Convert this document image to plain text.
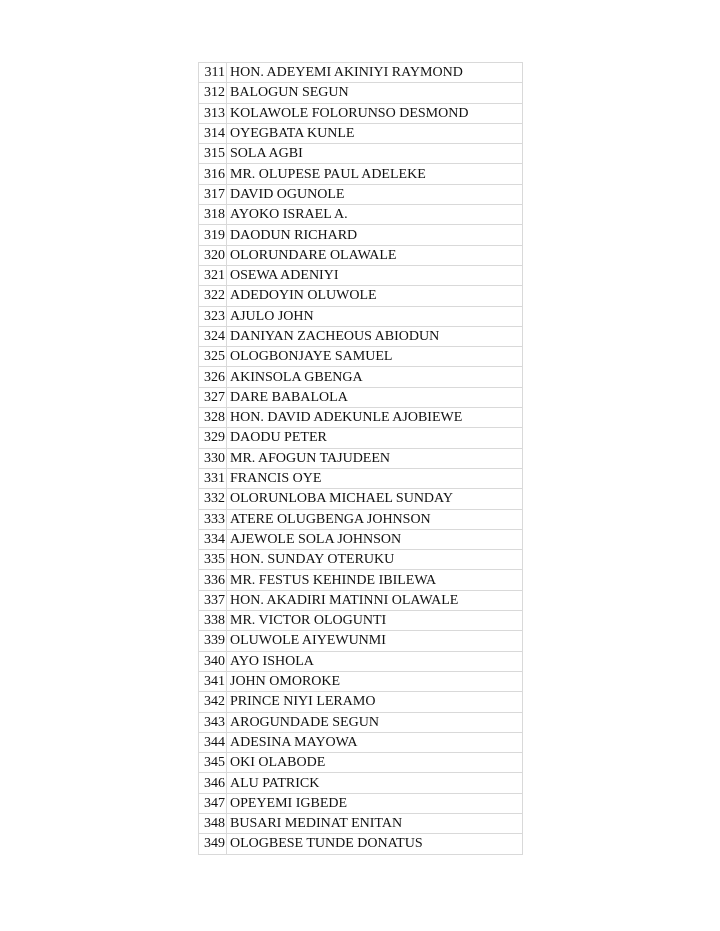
311	HON. ADEYEMI AKINIYI RAYMOND
312	BALOGUN SEGUN
313	KOLAWOLE FOLORUNSO DESMOND
314	OYEGBATA KUNLE
315	SOLA AGBI
316	MR. OLUPESE PAUL ADELEKE
317	DAVID OGUNOLE
318	AYOKO ISRAEL A.
319	DAODUN RICHARD
320	OLORUNDARE OLAWALE
321	OSEWA ADENIYI
322	ADEDOYIN OLUWOLE
323	AJULO JOHN
324	DANIYAN ZACHEOUS ABIODUN
325	OLOGBONJAYE SAMUEL
326	AKINSOLA GBENGA
327	DARE BABALOLA
328	HON. DAVID ADEKUNLE AJOBIEWE
329	DAODU PETER
330	MR. AFOGUN TAJUDEEN
331	FRANCIS OYE
332	OLORUNLOBA MICHAEL SUNDAY
333	ATERE OLUGBENGA JOHNSON
334	AJEWOLE SOLA JOHNSON
335	HON. SUNDAY OTERUKU
336	MR. FESTUS KEHINDE IBILEWA
337	HON. AKADIRI MATINNI OLAWALE
338	MR. VICTOR OLOGUNTI
339	OLUWOLE AIYEWUNMI
340	AYO ISHOLA
341	JOHN OMOROKE
342	PRINCE NIYI LERAMO
343	AROGUNDADE SEGUN
344	ADESINA MAYOWA
345	OKI OLABODE
346	ALU PATRICK
347	OPEYEMI IGBEDE
348	BUSARI MEDINAT ENITAN
349	OLOGBESE TUNDE DONATUS
